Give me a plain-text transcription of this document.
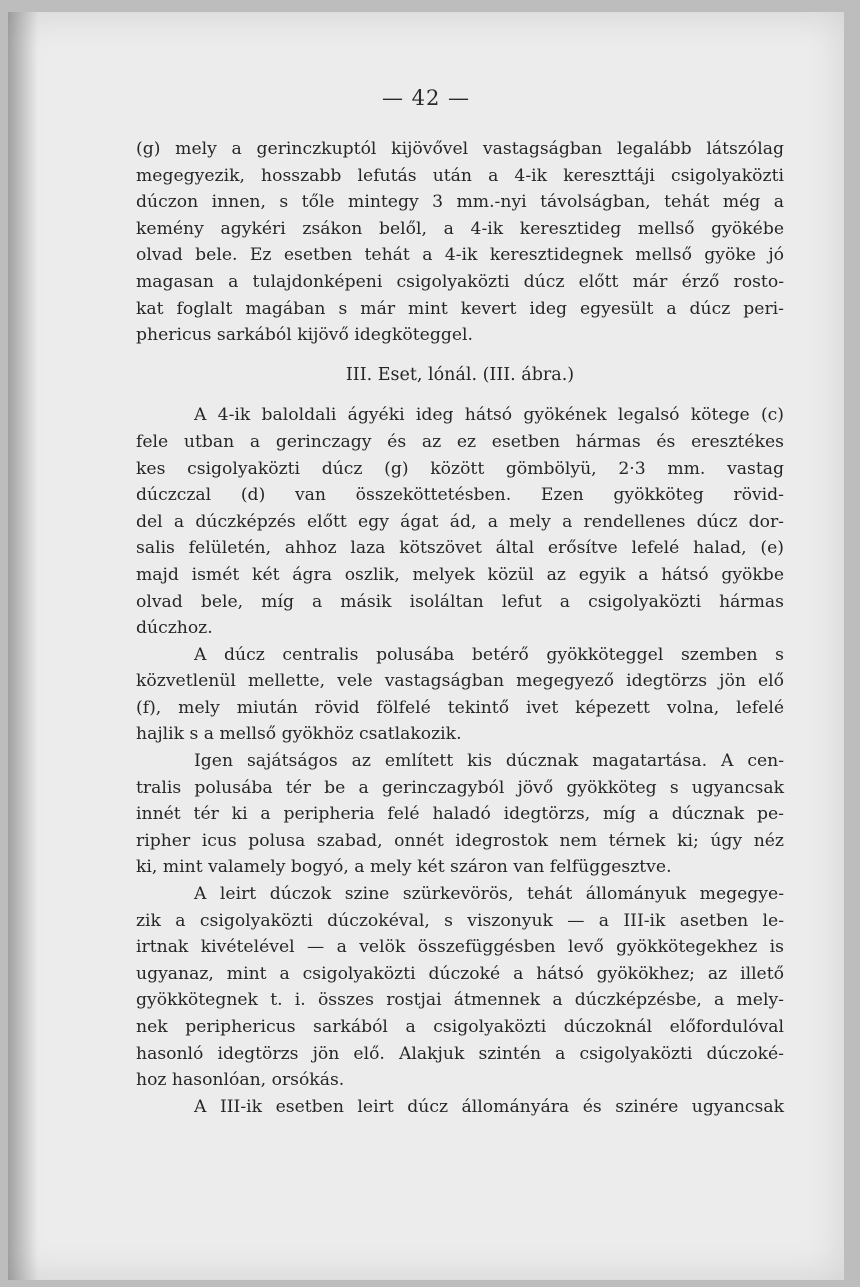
— 42 —
(g) mely a gerinczkuptól kijövővel vastagságban legalább látszólag
megegyezik, hosszabb lefutás után a 4-ik kereszttáji csigolyaközti
dúczon innen, s tőle mintegy 3 mm.-nyi távolságban, tehát még a
kemény agykéri zsákon belől, a 4-ik keresztideg mellső gyökébe
olvad bele. Ez esetben tehát a 4-ik keresztidegnek mellső gyöke jó
magasan a tulajdonképeni csigolyaközti dúcz előtt már érző rosto-
kat foglalt magában s már mint kevert ideg egyesült a dúcz peri-
phericus sarkából kijövő idegköteggel.
III. Eset, lónál. (III. ábra.)
A 4-ik baloldali ágyéki ideg hátsó gyökének legalsó kötege (c)
fele utban a gerinczagy és az ez esetben hármas és eresztékes
kes csigolyaközti dúcz (g) között gömbölyü, 2·3 mm. vastag
dúczczal (d) van összeköttetésben. Ezen gyökköteg rövid-
del a dúczképzés előtt egy ágat ád, a mely a rendellenes dúcz dor-
salis felületén, ahhoz laza kötszövet által erősítve lefelé halad, (e)
majd ismét két ágra oszlik, melyek közül az egyik a hátsó gyökbe
olvad bele, míg a másik isoláltan lefut a csigolyaközti hármas
dúczhoz.
A dúcz centralis polusába betérő gyökköteggel szemben s
közvetlenül mellette, vele vastagságban megegyező idegtörzs jön elő
(f), mely miután rövid fölfelé tekintő ivet képezett volna, lefelé
hajlik s a mellső gyökhöz csatlakozik.
Igen sajátságos az említett kis dúcznak magatartása. A cen-
tralis polusába tér be a gerinczagyból jövő gyökköteg s ugyancsak
innét tér ki a peripheria felé haladó idegtörzs, míg a dúcznak pe-
ripher icus polusa szabad, onnét idegrostok nem térnek ki; úgy néz
ki, mint valamely bogyó, a mely két száron van felfüggesztve.
A leirt dúczok szine szürkevörös, tehát állományuk megegye-
zik a csigolyaközti dúczokéval, s viszonyuk — a III-ik asetben le-
irtnak kivételével — a velök összefüggésben levő gyökkötegekhez is
ugyanaz, mint a csigolyaközti dúczoké a hátsó gyökökhez; az illető
gyökkötegnek t. i. összes rostjai átmennek a dúczképzésbe, a mely-
nek periphericus sarkából a csigolyaközti dúczoknál előfordulóval
hasonló idegtörzs jön elő. Alakjuk szintén a csigolyaközti dúczoké-
hoz hasonlóan, orsókás.
A III-ik esetben leirt dúcz állományára és szinére ugyancsak
